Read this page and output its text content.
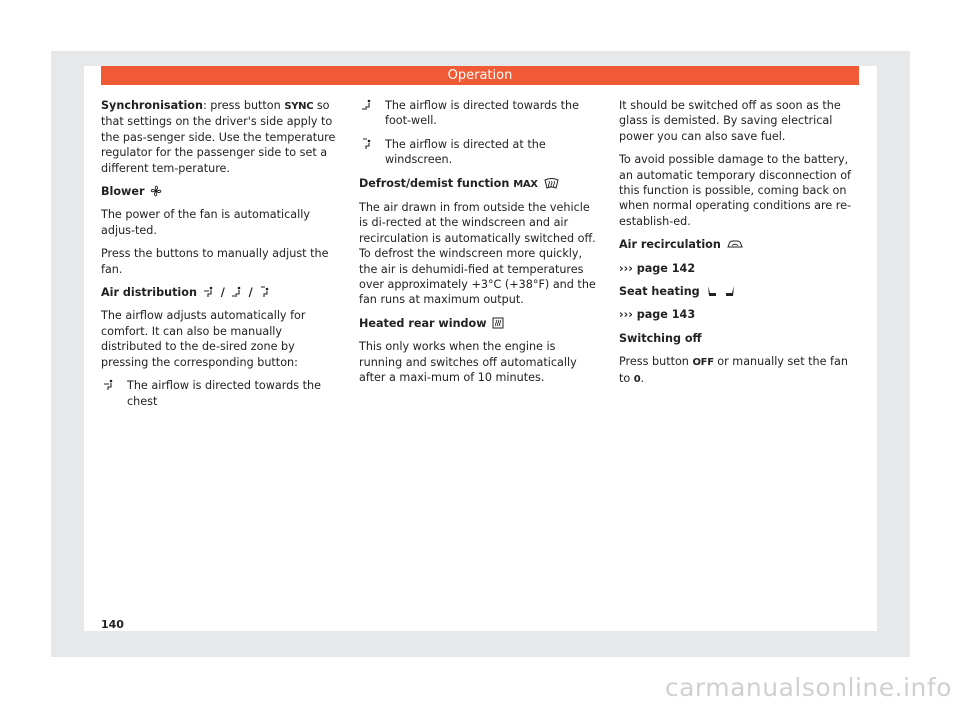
Operation

Synchronisation: press button SYNC so that settings on the driver's side apply to the pas-senger side. Use the temperature regulator for the passenger side to set a different tem-perature.

Blower

The power of the fan is automatically adjus-ted.

Press the buttons to manually adjust the fan.

Air distribution / /

The airflow adjusts automatically for comfort. It can also be manually distributed to the de-sired zone by pressing the corresponding button:

The airflow is directed towards the chest
The airflow is directed towards the foot-well.
The airflow is directed at the windscreen.
Defrost/demist function MAX

The air drawn in from outside the vehicle is di-rected at the windscreen and air recirculation is automatically switched off. To defrost the windscreen more quickly, the air is dehumidi-fied at temperatures over approximately +3°C (+38°F) and the fan runs at maximum output.

Heated rear window

This only works when the engine is running and switches off automatically after a maxi-mum of 10 minutes.

It should be switched off as soon as the glass is demisted. By saving electrical power you can also save fuel.

To avoid possible damage to the battery, an automatic temporary disconnection of this function is possible, coming back on when normal operating conditions are re-establish-ed.

Air recirculation

››› page 142

Seat heating

››› page 143

Switching off

Press button OFF or manually set the fan to 0.

140
carmanualsonline.info
